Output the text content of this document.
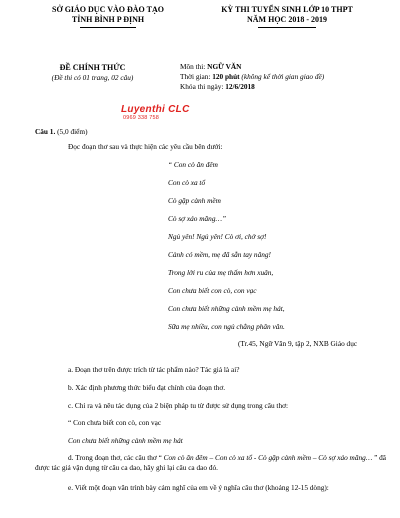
SỞ GIÁO DỤC VÀO ĐÀO TẠO
TỈNH BÌNH P ĐỊNH
KỲ THI TUYỂN SINH LỚP 10 THPT
NĂM HỌC 2018 - 2019
ĐỀ CHÍNH THỨC
(Đề thi có 01 trang, 02 câu)
Môn thi: NGỮ VĂN
Thời gian: 120 phút (không kể thời gian giao đề)
Khóa thi ngày: 12/6/2018
Luyenthi CLC
0969 338 758
Câu 1. (5,0 điểm)
Đọc đoạn thơ sau và thực hiện các yêu cầu bên dưới:
“ Con cò ăn đêm
Con cò xa tổ
Cò gặp cành mềm
Cò sợ xáo măng…”
Ngủ yên! Ngủ yên! Cò ơi, chớ sợ!
Cành có mềm, mẹ đã sẵn tay nâng!
Trong lời ru của mẹ thấm hơn xuân,
Con chưa biết con cò, con vạc
Con chưa biết những cành mềm mẹ hát,
Sữa mẹ nhiều, con ngủ chẳng phân vân.
(Tr.45, Ngữ Văn 9, tập 2, NXB Giáo dục
a. Đoạn thơ trên được trích từ tác phẩm nào? Tác giả là ai?
b. Xác định phương thức biểu đạt chính của đoạn thơ.
c. Chỉ ra và nêu tác dụng của 2 biện pháp tu từ được sử dụng trong câu thơ:
“ Con chưa biết con cò, con vạc
Con chưa biết những cành mềm mẹ hát
d. Trong đoạn thơ, các câu thơ “ Con cò ăn đêm – Con cò xa tổ - Cò gặp cành mềm – Cò sợ xáo măng… ” đã được tác giả vận dụng từ câu ca dao, hãy ghi lại câu ca dao đó.
e. Viết một đoạn văn trình bày cảm nghĩ của em về ý nghĩa câu thơ (khoảng 12-15 dòng):
